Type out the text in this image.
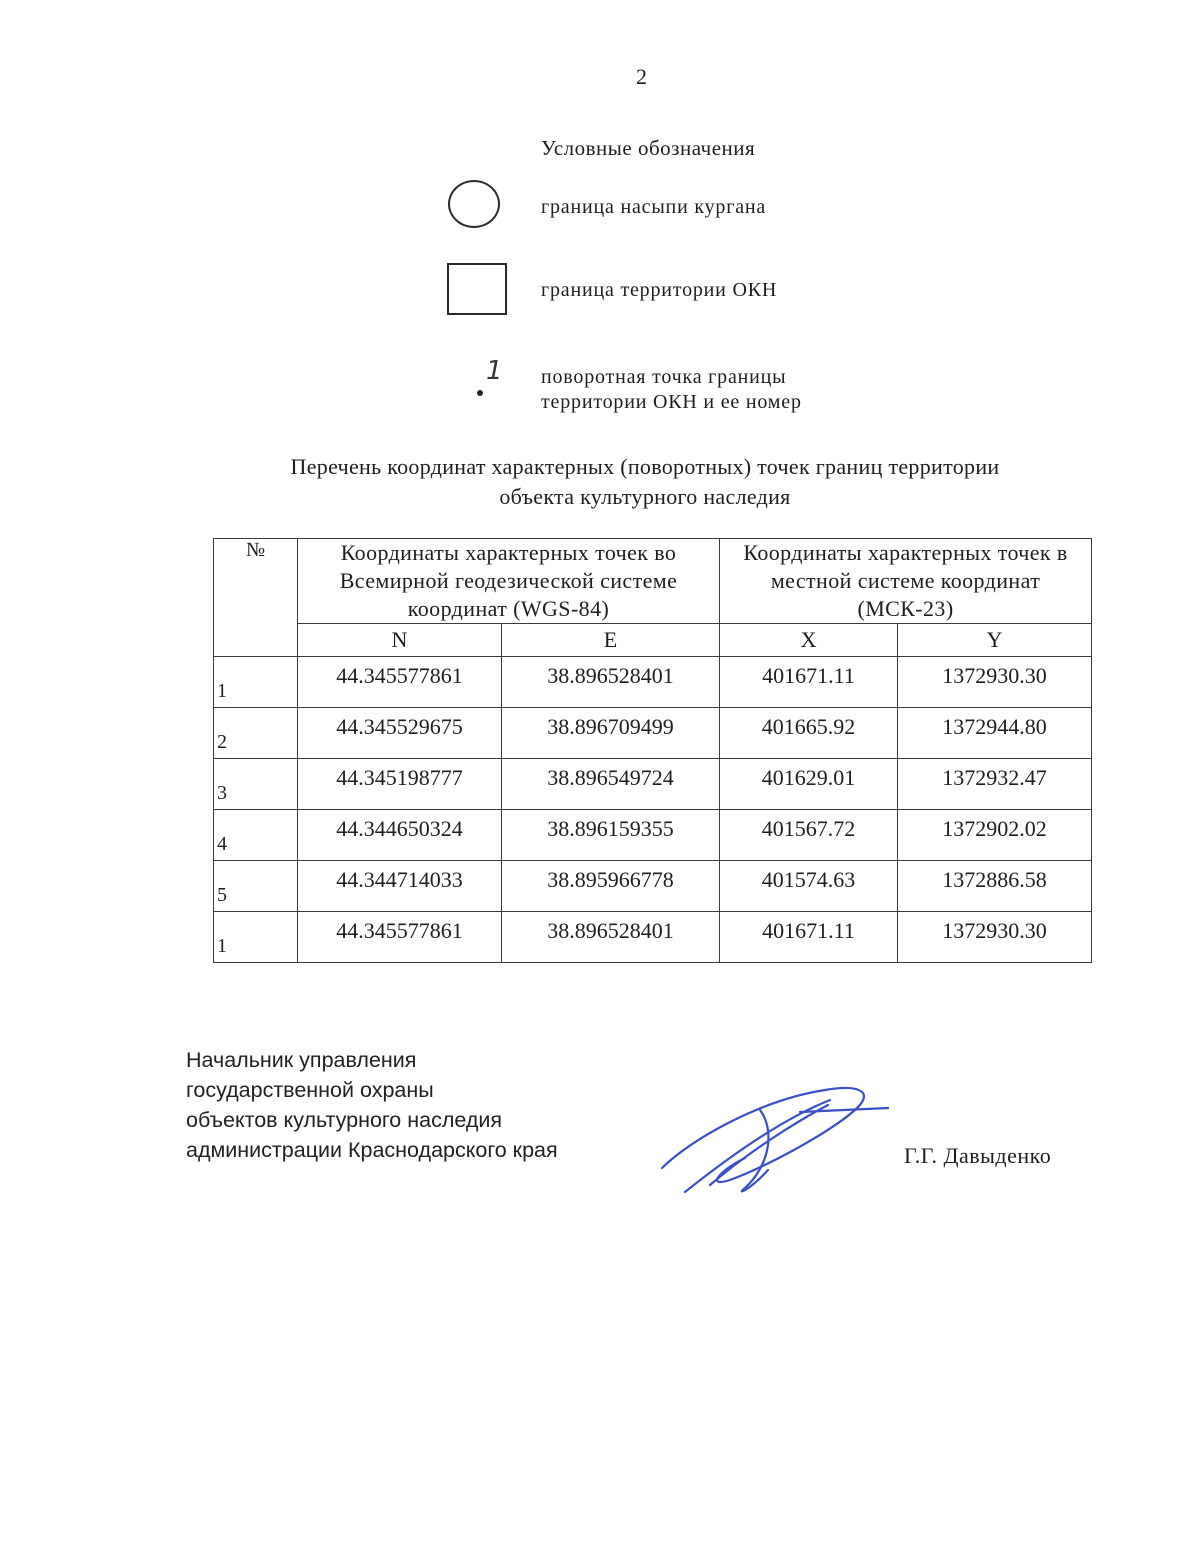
2
Условные обозначения
граница насыпи кургана
граница территории ОКН
1 поворотная точка границы
территории ОКН и ее номер
Перечень координат характерных (поворотных) точек границ территории
объекта культурного наследия
№	Координаты характерных точек во Всемирной геодезической системе координат (WGS-84)		Координаты характерных точек в местной системе координат (МСК-23)	
	N	E	X	Y
1	44.345577861	38.896528401	401671.11	1372930.30
2	44.345529675	38.896709499	401665.92	1372944.80
3	44.345198777	38.896549724	401629.01	1372932.47
4	44.344650324	38.896159355	401567.72	1372902.02
5	44.344714033	38.895966778	401574.63	1372886.58
1	44.345577861	38.896528401	401671.11	1372930.30
Начальник управления
государственной охраны
объектов культурного наследия
администрации Краснодарского края	Г.Г. Давыденко
